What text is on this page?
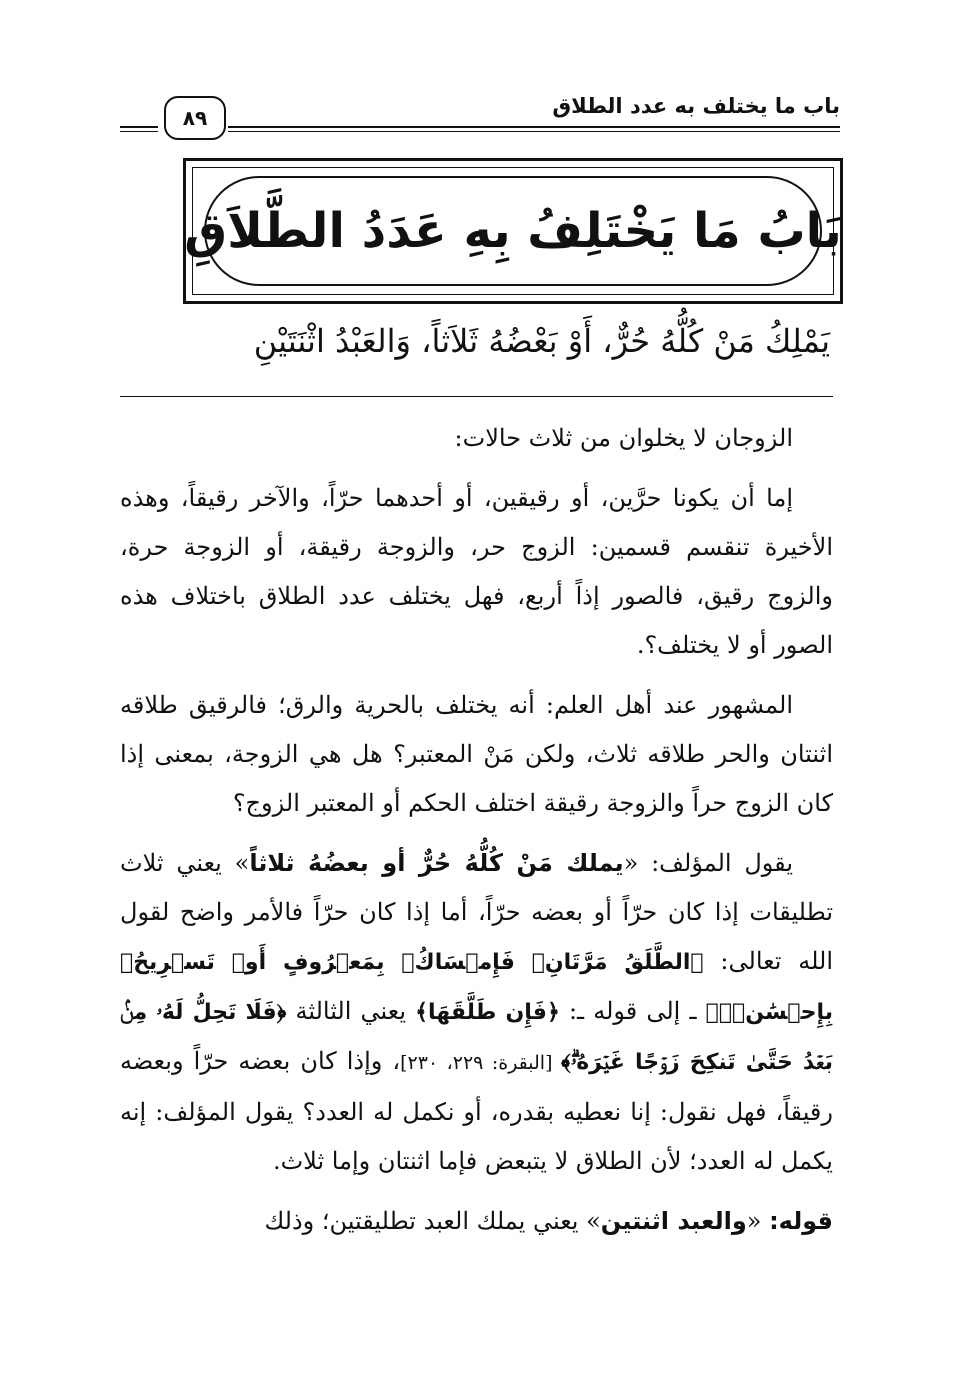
باب ما يختلف به عدد الطلاق
٨٩
بَابُ مَا يَخْتَلِفُ بِهِ عَدَدُ الطَّلاَقِ
يَمْلِكُ مَنْ كُلُّهُ حُرٌّ، أَوْ بَعْضُهُ ثَلاَثاً، وَالعَبْدُ اثْنَتَيْنِ

الزوجان لا يخلوان من ثلاث حالات:

إما أن يكونا حرَّين، أو رقيقين، أو أحدهما حرّاً، والآخر رقيقاً، وهذه الأخيرة تنقسم قسمين: الزوج حر، والزوجة رقيقة، أو الزوجة حرة، والزوج رقيق، فالصور إذاً أربع، فهل يختلف عدد الطلاق باختلاف هذه الصور أو لا يختلف؟.

المشهور عند أهل العلم: أنه يختلف بالحرية والرق؛ فالرقيق طلاقه اثنتان والحر طلاقه ثلاث، ولكن مَنْ المعتبر؟ هل هي الزوجة، بمعنى إذا كان الزوج حراً والزوجة رقيقة اختلف الحكم أو المعتبر الزوج؟

يقول المؤلف: «يملك مَنْ كُلُّهُ حُرٌّ أو بعضُهُ ثلاثاً» يعني ثلاث تطليقات إذا كان حرّاً أو بعضه حرّاً، أما إذا كان حرّاً فالأمر واضح لقول الله تعالى: ﴿الطَّلَقُ مَرَّتَانِۖ فَإِمۡسَاكُۢ بِمَعۡرُوفٍ أَوۡ تَسۡرِيحُۢ بِإِحۡسَٰنٖۗ﴾ ـ إلى قوله ـ: ﴿فَإِن طَلَّقَهَا﴾ يعني الثالثة ﴿فَلَا تَحِلُّ لَهُۥ مِنۢ بَعۡدُ حَتَّىٰ تَنكِحَ زَوۡجًا غَيۡرَهُۥۗ﴾ [البقرة: ٢٢٩، ٢٣٠]، وإذا كان بعضه حرّاً وبعضه رقيقاً، فهل نقول: إنا نعطيه بقدره، أو نكمل له العدد؟ يقول المؤلف: إنه يكمل له العدد؛ لأن الطلاق لا يتبعض فإما اثنتان وإما ثلاث.

قوله: «والعبد اثنتين» يعني يملك العبد تطليقتين؛ وذلك
